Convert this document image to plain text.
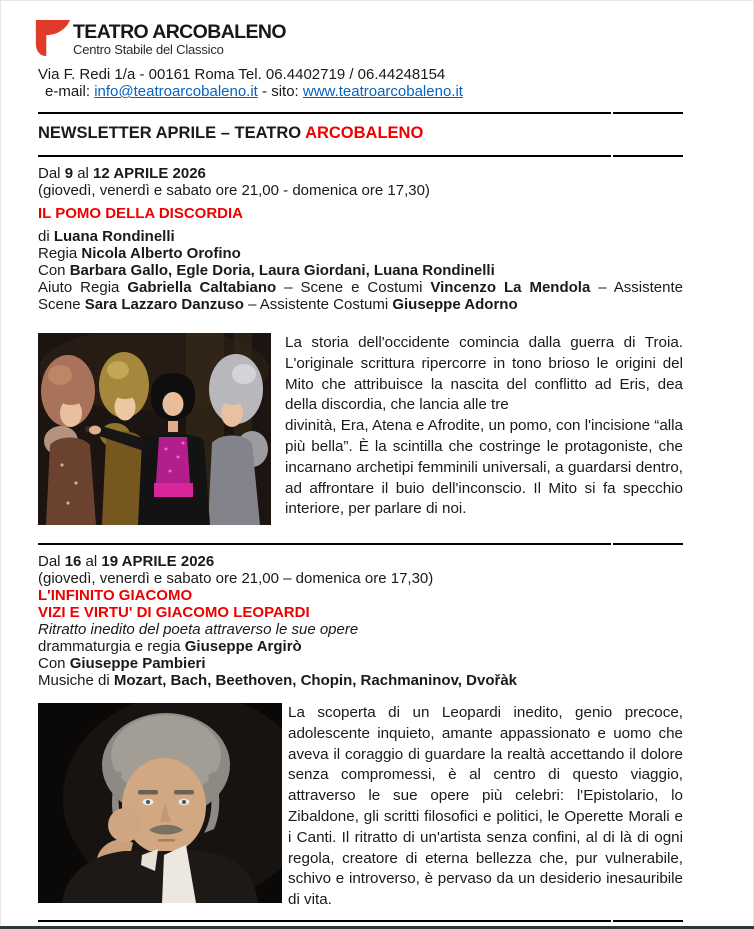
TEATRO ARCOBALENO
Centro Stabile del Classico
Via F. Redi 1/a - 00161 Roma Tel. 06.4402719 / 06.44248154
e-mail: info@teatroarcobaleno.it - sito: www.teatroarcobaleno.it
NEWSLETTER APRILE – TEATRO ARCOBALENO
Dal 9 al 12 APRILE 2026
(giovedì, venerdì e sabato ore 21,00 - domenica ore 17,30)
IL POMO DELLA DISCORDIA
di Luana Rondinelli
Regia Nicola Alberto Orofino
Con Barbara Gallo, Egle Doria, Laura Giordani, Luana Rondinelli
Aiuto Regia Gabriella Caltabiano – Scene e Costumi Vincenzo La Mendola – Assistente Scene Sara Lazzaro Danzuso – Assistente Costumi Giuseppe Adorno

La storia dell'occidente comincia dalla guerra di Troia. L'originale scrittura ripercorre in tono brioso le origini del Mito che attribuisce la nascita del conflitto ad Eris, dea della discordia, che lancia alle tre

divinità, Era, Atena e Afrodite, un pomo, con l'incisione “alla più bella”. È la scintilla che costringe le protagoniste, che incarnano archetipi femminili universali, a guardarsi dentro, ad affrontare il buio dell'inconscio. Il Mito si fa specchio interiore, per parlare di noi.

Dal 16 al 19 APRILE 2026
(giovedì, venerdì e sabato ore 21,00 – domenica ore 17,30)
L'INFINITO GIACOMO
VIZI E VIRTU' DI GIACOMO LEOPARDI
Ritratto inedito del poeta attraverso le sue opere
drammaturgia e regia Giuseppe Argirò
Con Giuseppe Pambieri
Musiche di Mozart, Bach, Beethoven, Chopin, Rachmaninov, Dvořàk

La scoperta di un Leopardi inedito, genio precoce, adolescente inquieto, amante appassionato e uomo che aveva il coraggio di guardare la realtà accettando il dolore senza compromessi, è al centro di questo viaggio, attraverso le sue opere più celebri: l'Epistolario, lo Zibaldone, gli scritti filosofici e politici, le Operette Morali e i Canti. Il ritratto di un'artista senza confini, al di là di ogni regola, creatore di eterna bellezza che, pur vulnerabile, schivo e introverso, è pervaso da un desiderio inesauribile di vita.
